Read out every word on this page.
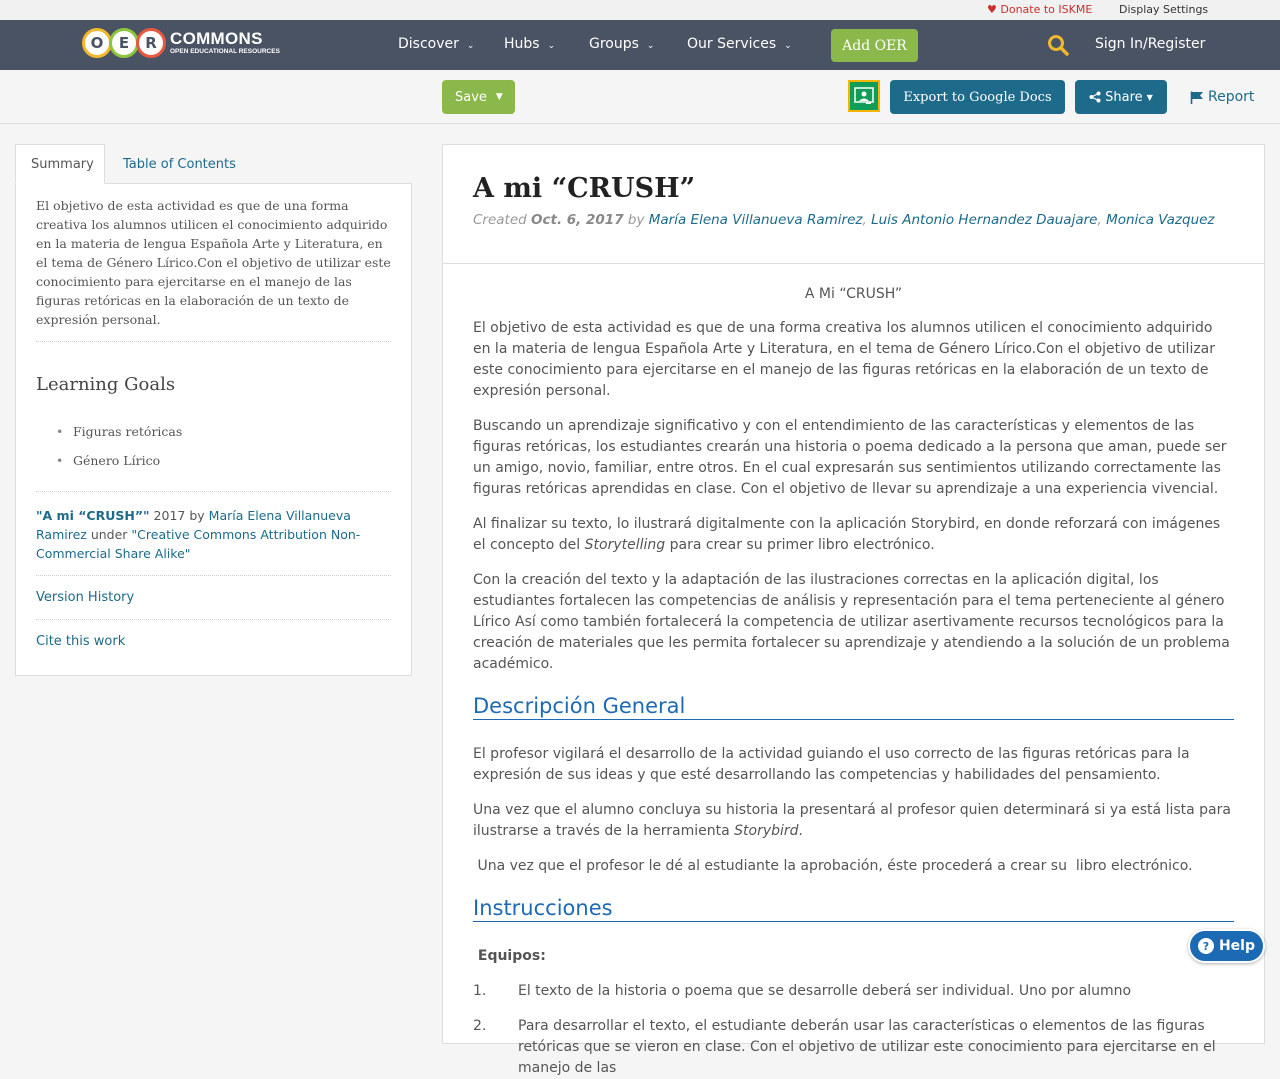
♥ Donate to ISKME Display Settings
O	E	R COMMONS
OPEN EDUCATIONAL RESOURCES	Discover ⌄ Hubs ⌄ Groups ⌄ Our Services ⌄	Add OER	Sign In/Register
Save ▼	Export to Google Docs	Share ▼	Report
Summary	Table of Contents
El objetivo de esta actividad es que de una forma creativa los alumnos utilicen el conocimiento adquirido en la materia de lengua Española Arte y Literatura, en el tema de Género Lírico.Con el objetivo de utilizar este conocimiento para ejercitarse en el manejo de las figuras retóricas en la elaboración de un texto de expresión personal.
Learning Goals
• Figuras retóricas
• Género Lírico
"A mi “CRUSH”" 2017 by María Elena Villanueva Ramirez under "Creative Commons Attribution Non-Commercial Share Alike"
Version History
Cite this work
A mi “CRUSH”
Created Oct. 6, 2017 by María Elena Villanueva Ramirez, Luis Antonio Hernandez Dauajare, Monica Vazquez

A Mi “CRUSH”

El objetivo de esta actividad es que de una forma creativa los alumnos utilicen el conocimiento adquirido en la materia de lengua Española Arte y Literatura, en el tema de Género Lírico.Con el objetivo de utilizar este conocimiento para ejercitarse en el manejo de las figuras retóricas en la elaboración de un texto de expresión personal.

Buscando un aprendizaje significativo y con el entendimiento de las características y elementos de las figuras retóricas, los estudiantes crearán una historia o poema dedicado a la persona que aman, puede ser un amigo, novio, familiar, entre otros. En el cual expresarán sus sentimientos utilizando correctamente las figuras retóricas aprendidas en clase. Con el objetivo de llevar su aprendizaje a una experiencia vivencial.

Al finalizar su texto, lo ilustrará digitalmente con la aplicación Storybird, en donde reforzará con imágenes el concepto del Storytelling para crear su primer libro electrónico.

Con la creación del texto y la adaptación de las ilustraciones correctas en la aplicación digital, los estudiantes fortalecen las competencias de análisis y representación para el tema perteneciente al género Lírico Así como también fortalecerá la competencia de utilizar asertivamente recursos tecnológicos para la creación de materiales que les permita fortalecer su aprendizaje y atendiendo a la solución de un problema académico.

Descripción General

El profesor vigilará el desarrollo de la actividad guiando el uso correcto de las figuras retóricas para la expresión de sus ideas y que esté desarrollando las competencias y habilidades del pensamiento.

Una vez que el alumno concluya su historia la presentará al profesor quien determinará si ya está lista para ilustrarse a través de la herramienta Storybird.

Una vez que el profesor le dé al estudiante la aprobación, éste procederá a crear su  libro electrónico.

Instrucciones

Equipos:

1.	El texto de la historia o poema que se desarrolle deberá ser individual. Uno por alumno

2.	Para desarrollar el texto, el estudiante deberán usar las características o elementos de las figuras retóricas que se vieron en clase. Con el objetivo de utilizar este conocimiento para ejercitarse en el manejo de las

? Help
